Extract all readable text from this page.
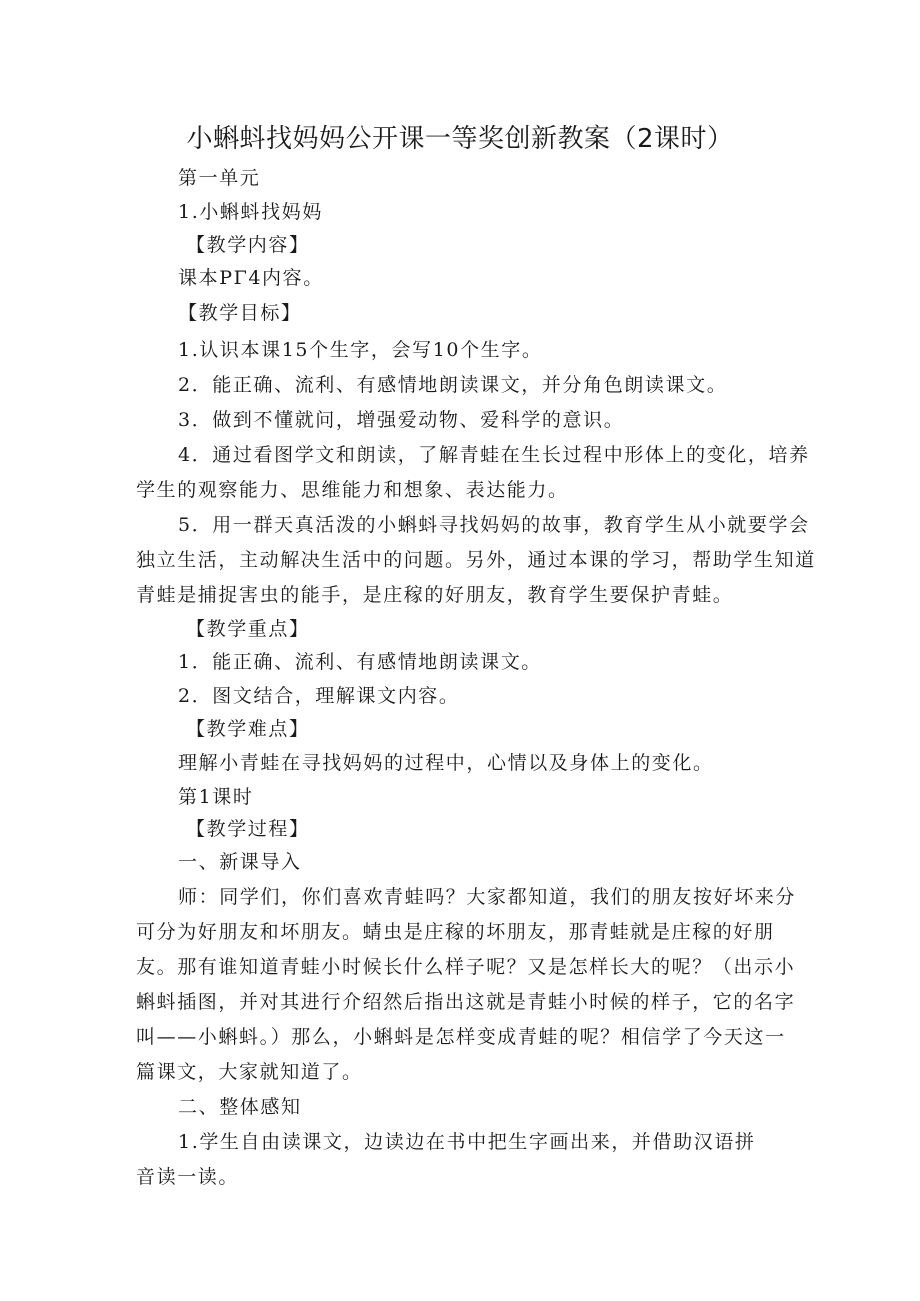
小蝌蚪找妈妈公开课一等奖创新教案（2课时）
第一单元
1.小蝌蚪找妈妈
【教学内容】
课本PΓ4内容。
【教学目标】
1.认识本课15个生字，会写10个生字。
2．能正确、流利、有感情地朗读课文，并分角色朗读课文。
3．做到不懂就问，增强爱动物、爱科学的意识。
4．通过看图学文和朗读，了解青蛙在生长过程中形体上的变化，培养
学生的观察能力、思维能力和想象、表达能力。
5．用一群天真活泼的小蝌蚪寻找妈妈的故事，教育学生从小就要学会
独立生活，主动解决生活中的问题。另外，通过本课的学习，帮助学生知道
青蛙是捕捉害虫的能手，是庄稼的好朋友，教育学生要保护青蛙。
【教学重点】
1．能正确、流利、有感情地朗读课文。
2．图文结合，理解课文内容。
【教学难点】
理解小青蛙在寻找妈妈的过程中，心情以及身体上的变化。
第1课时
【教学过程】
一、新课导入
师：同学们，你们喜欢青蛙吗？大家都知道，我们的朋友按好坏来分
可分为好朋友和坏朋友。蜻虫是庄稼的坏朋友，那青蛙就是庄稼的好朋
友。那有谁知道青蛙小时候长什么样子呢？又是怎样长大的呢？（出示小
蝌蚪插图，并对其进行介绍然后指出这就是青蛙小时候的样子，它的名字
叫——小蝌蚪。）那么，小蝌蚪是怎样变成青蛙的呢？相信学了今天这一
篇课文，大家就知道了。
二、整体感知
1.学生自由读课文，边读边在书中把生字画出来，并借助汉语拼
音读一读。
